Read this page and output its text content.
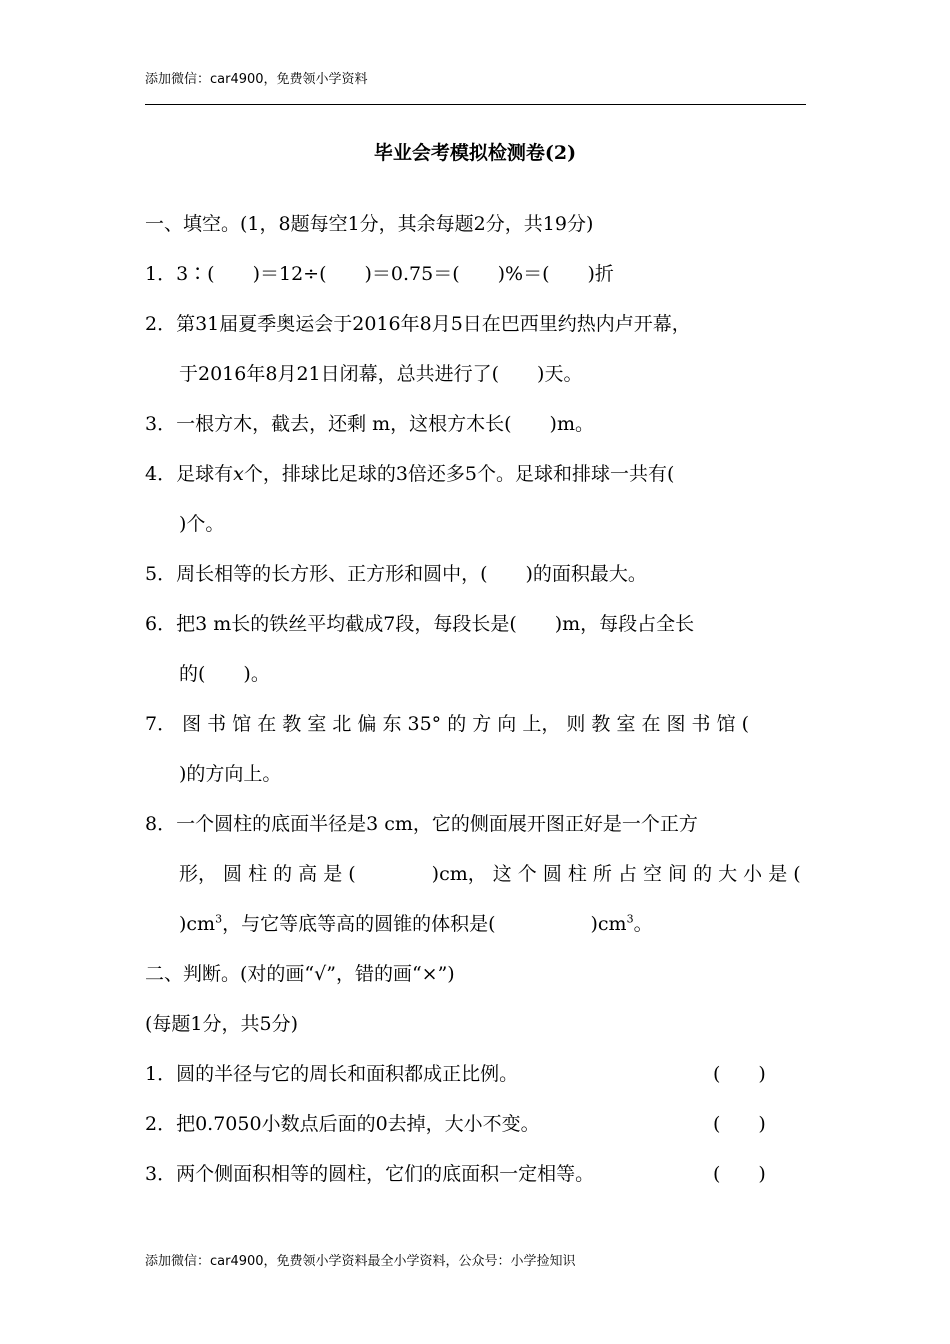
添加微信：car4900，免费领小学资料
毕业会考模拟检测卷(2)
一、填空。(1，8题每空1分，其余每题2分，共19分)
1．3∶(　　)＝12÷(　　)＝0.75＝(　　)%＝(　　)折
2．第31届夏季奥运会于2016年8月5日在巴西里约热内卢开幕，
于2016年8月21日闭幕，总共进行了(　　)天。
3．一根方木，截去，还剩 m，这根方木长(　　)m。
4．足球有x个，排球比足球的3倍还多5个。足球和排球一共有(
)个。
5．周长相等的长方形、正方形和圆中，(　　)的面积最大。
6．把3 m长的铁丝平均截成7段，每段长是(　　)m，每段占全长
的(　　)。
7． 图 书 馆 在 教 室 北 偏 东 35° 的 方 向 上， 则 教 室 在 图 书 馆 (
)的方向上。
8．一个圆柱的底面半径是3 cm，它的侧面展开图正好是一个正方
形， 圆 柱 的 高 是 (　　　　)cm， 这 个 圆 柱 所 占 空 间 的 大 小 是 (
)$cm^3$，与它等底等高的圆锥的体积是(　　　　　)$cm^3$。
二、判断。(对的画“√”，错的画“×”)
(每题1分，共5分)
1．圆的半径与它的周长和面积都成正比例。	(　　)
2．把0.7050小数点后面的0去掉，大小不变。	(　　)
3．两个侧面积相等的圆柱，它们的底面积一定相等。	(　　)
添加微信：car4900，免费领小学资料最全小学资料，公众号：小学捡知识
